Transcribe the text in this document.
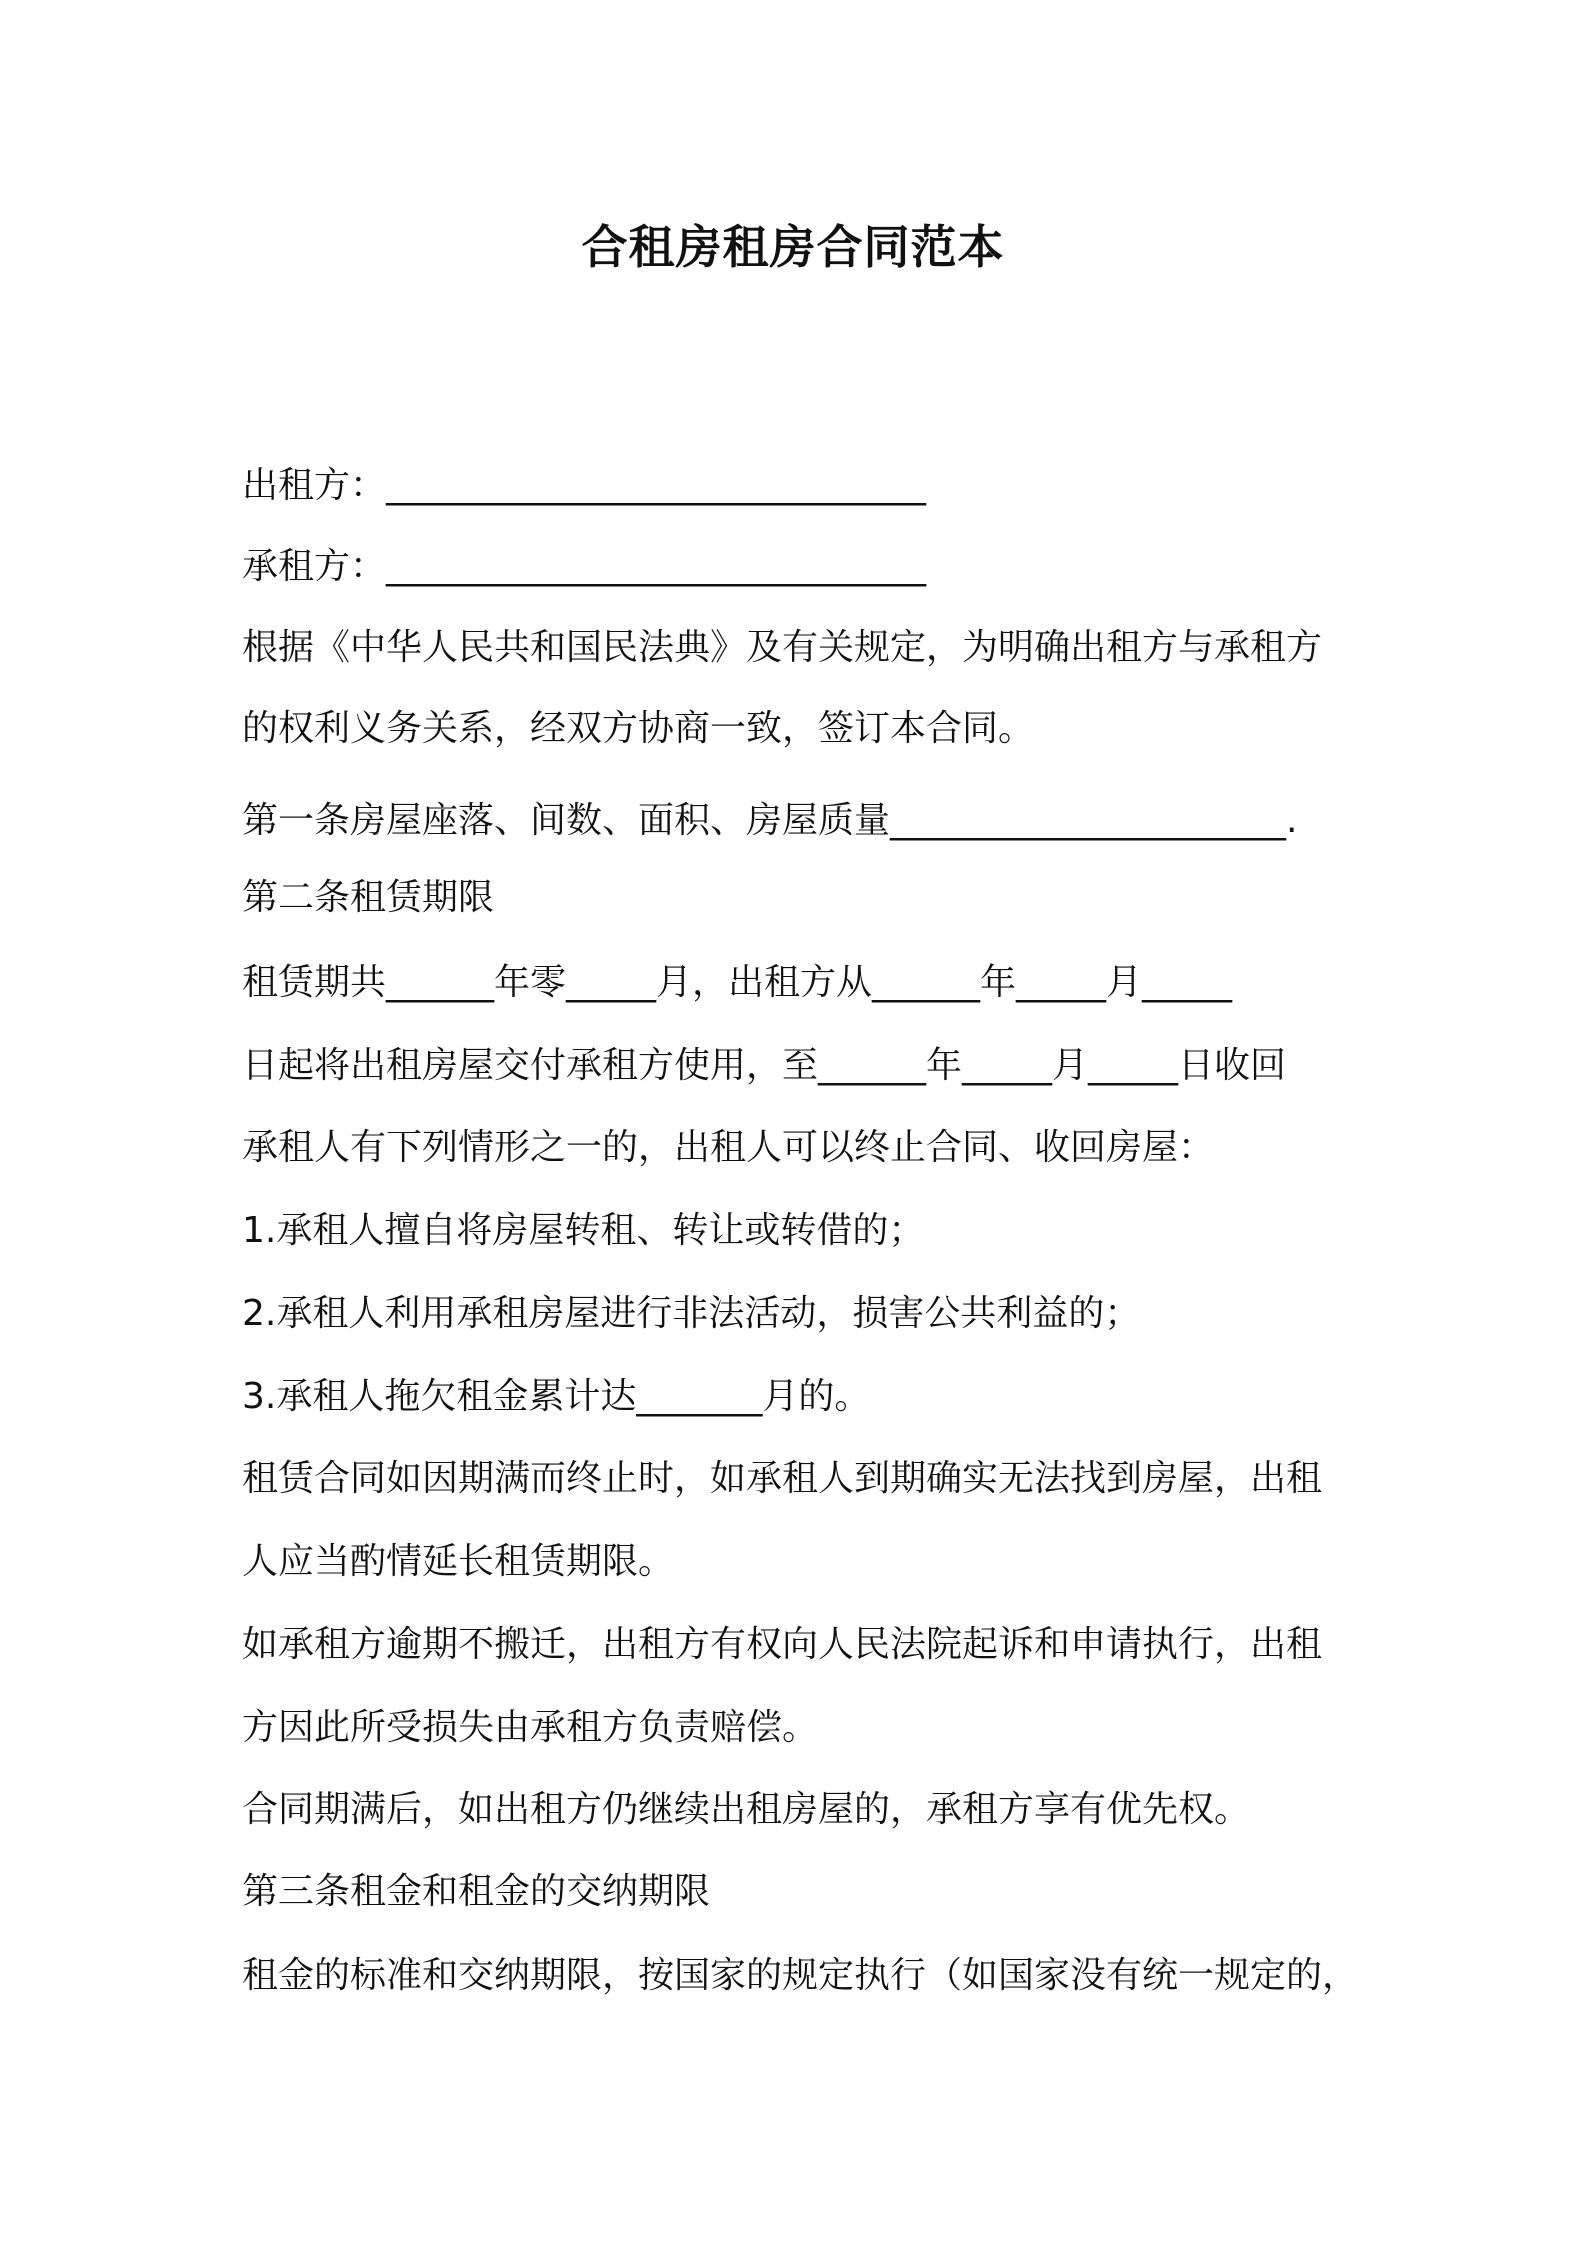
合租房租房合同范本
出租方：______________________________
承租方：______________________________
根据《中华人民共和国民法典》及有关规定，为明确出租方与承租方
的权利义务关系，经双方协商一致，签订本合同。
第一条房屋座落、间数、面积、房屋质量______________________.
第二条租赁期限
租赁期共______年零_____月，出租方从______年_____月_____
日起将出租房屋交付承租方使用，至______年_____月_____日收回
承租人有下列情形之一的，出租人可以终止合同、收回房屋：
1.承租人擅自将房屋转租、转让或转借的；
2.承租人利用承租房屋进行非法活动，损害公共利益的；
3.承租人拖欠租金累计达_______月的。
租赁合同如因期满而终止时，如承租人到期确实无法找到房屋，出租
人应当酌情延长租赁期限。
如承租方逾期不搬迁，出租方有权向人民法院起诉和申请执行，出租
方因此所受损失由承租方负责赔偿。
合同期满后，如出租方仍继续出租房屋的，承租方享有优先权。
第三条租金和租金的交纳期限
租金的标准和交纳期限，按国家的规定执行（如国家没有统一规定的，
